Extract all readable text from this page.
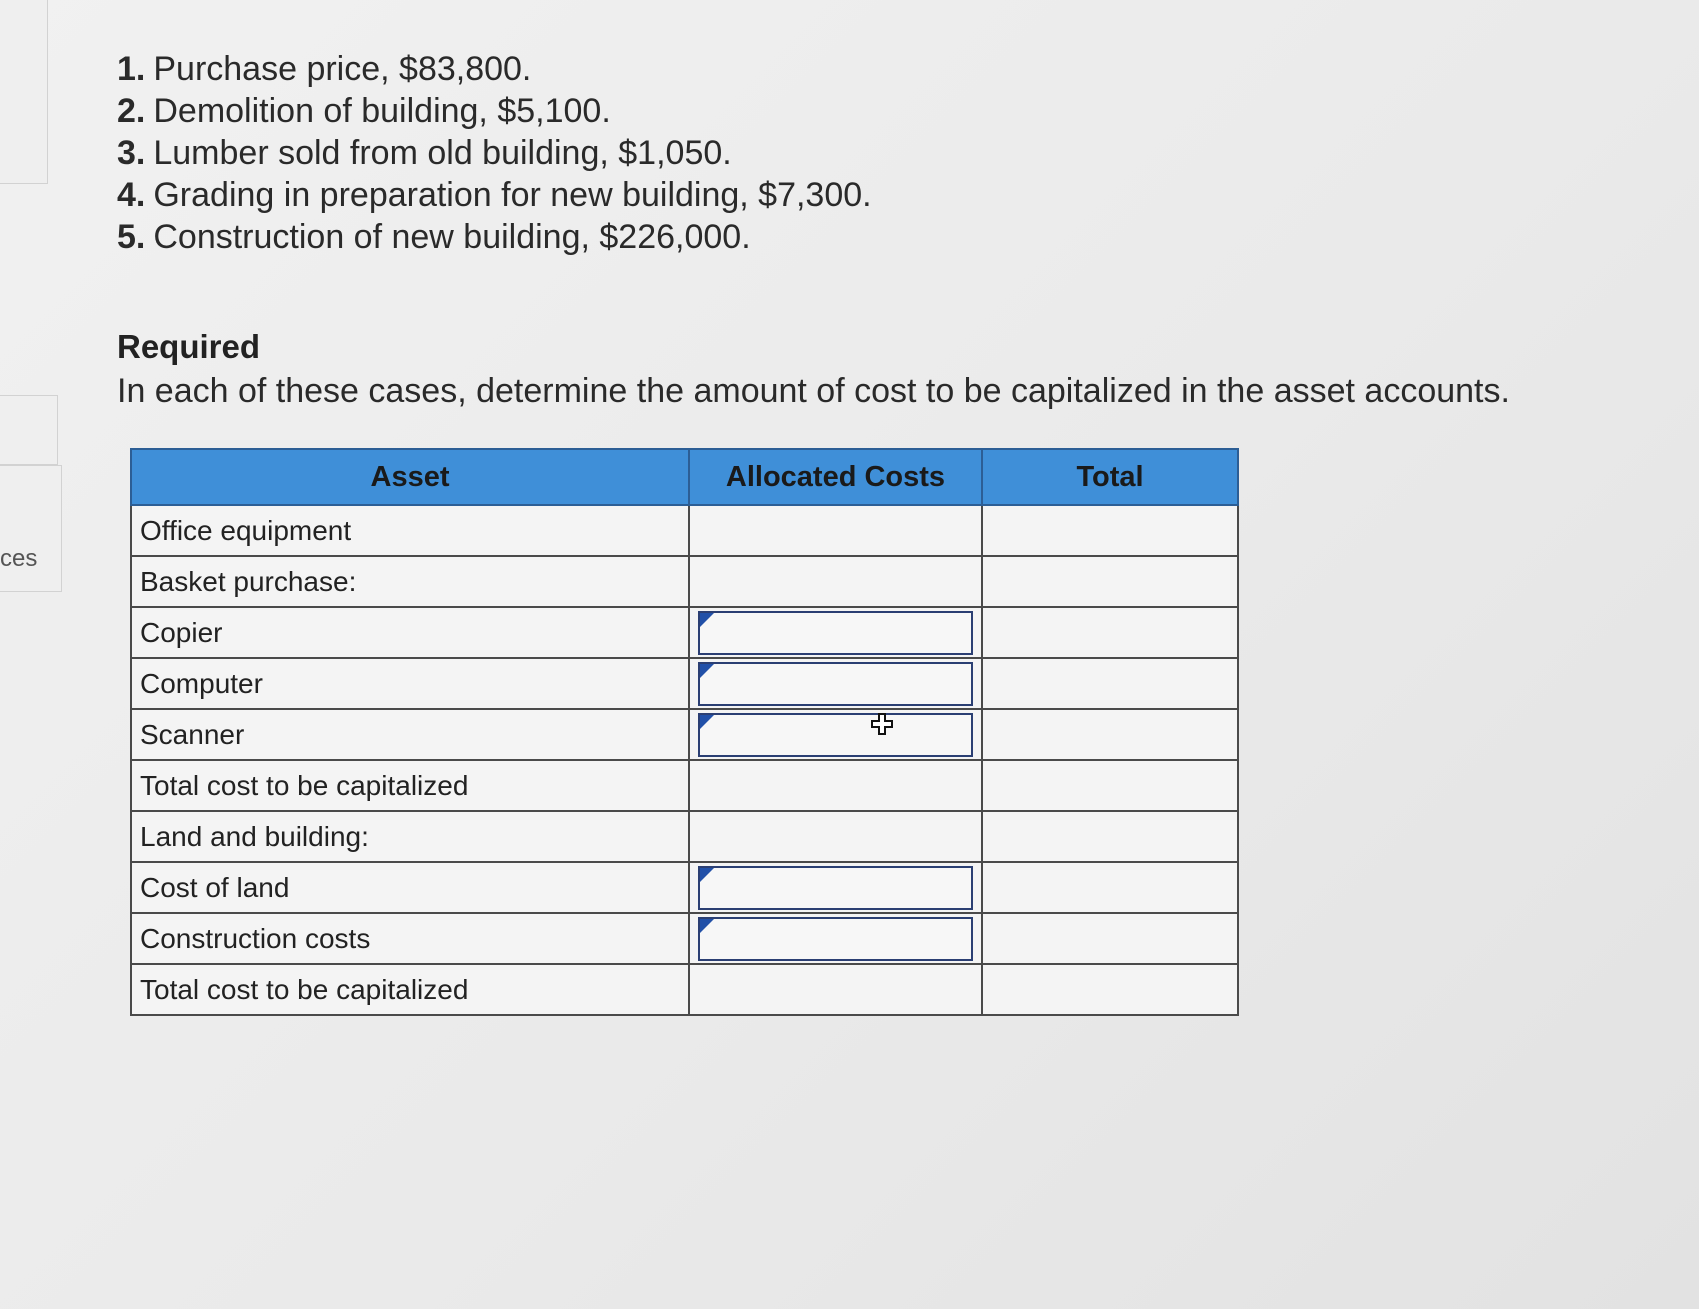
ces
1. Purchase price, $83,800.
2. Demolition of building, $5,100.
3. Lumber sold from old building, $1,050.
4. Grading in preparation for new building, $7,300.
5. Construction of new building, $226,000.
Required
In each of these cases, determine the amount of cost to be capitalized in the asset accounts.
Asset	Allocated Costs	Total
Office equipment		
Basket purchase:		
Copier	

Computer	

Scanner	

Total cost to be capitalized		
Land and building:		
Cost of land	

Construction costs	

Total cost to be capitalized		
